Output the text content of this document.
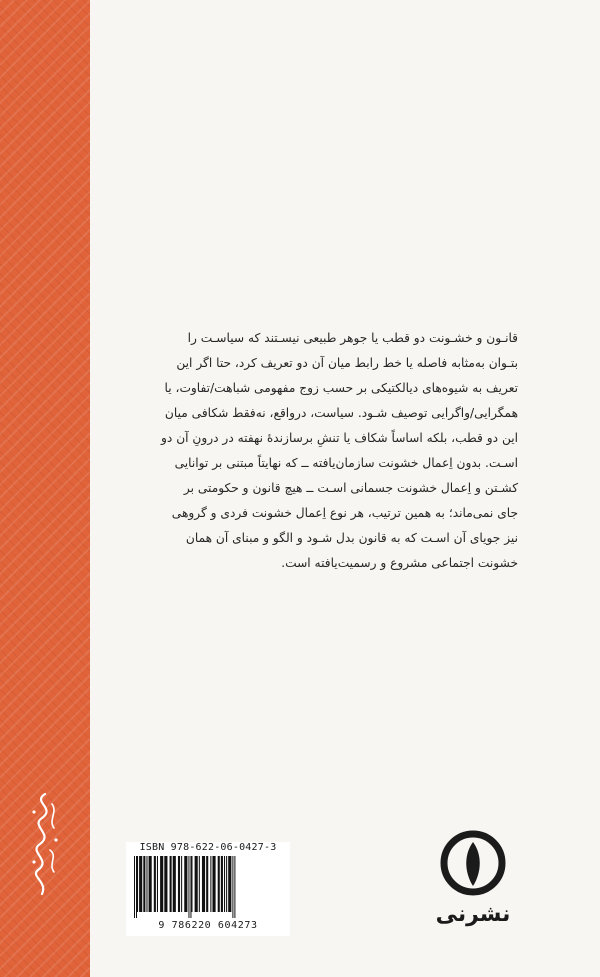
قانـون و خشـونت دو قطب یا جوهر طبیعی نیسـتند که سیاسـت را

بتـوان به‌مثابه فاصله یا خط رابط میان آن دو تعریف کرد، حتا اگر این

تعریف به شیوه‌های دیالکتیکی بر حسب زوج مفهومی شباهت/تفاوت، یا

همگرایی/واگرایی توصیف شـود. سیاست، درواقع، نه‌فقط شکافی میان

این دو قطب، بلکه اساساً شکاف یا تنشِ برسازندهٔ نهفته در درونِ آن دو

اسـت. بدون اِعمال خشونت سازمان‌یافته ــ که نهایتاً مبتنی بر توانایی

کشـتن و اِعمال خشونت جسمانی اسـت ــ هیچ قانون و حکومتی بر

جای نمی‌ماند؛ به همین ترتیب، هر نوع اِعمال خشونت فردی و گروهی

نیز جویای آن اسـت که به قانون بدل شـود و الگو و مبنای آن همان

خشونت اجتماعی مشروع و رسمیت‌یافته است.

ISBN 978-622-06-0427-3
9 786220 604273	نشرنی
